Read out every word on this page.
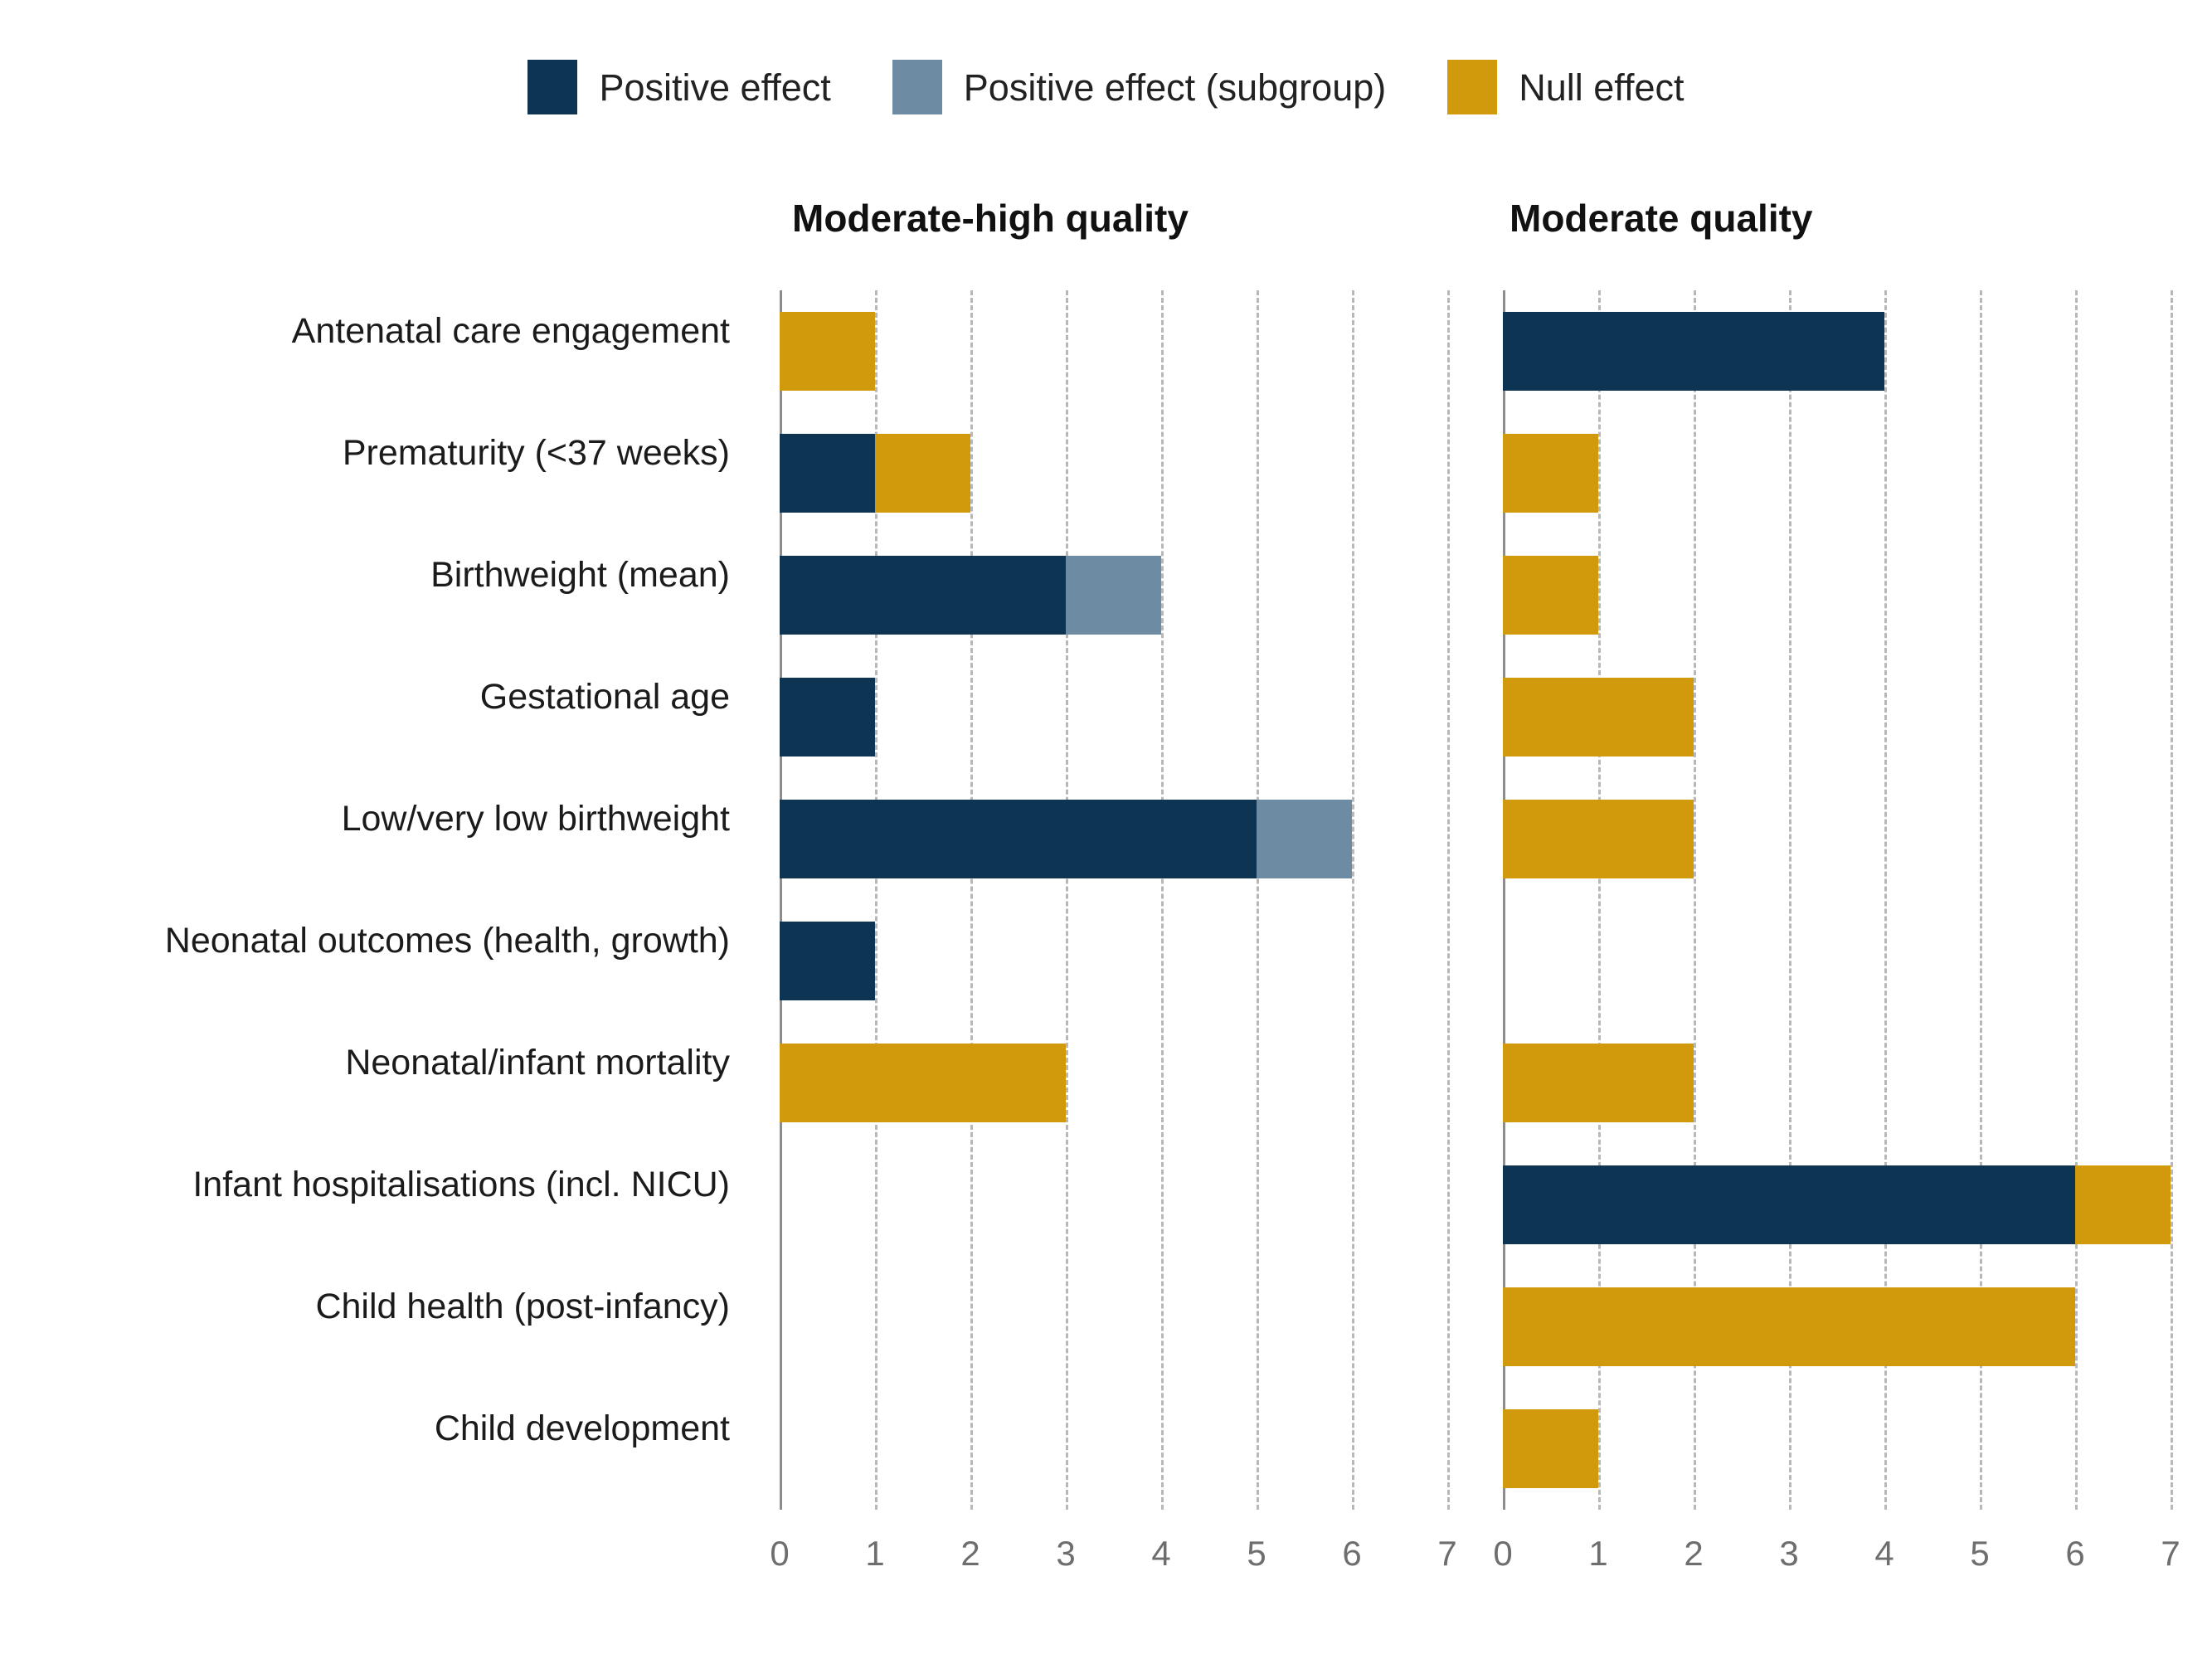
Positive effect	Positive effect (subgroup)	Null effect
Moderate-high quality	Moderate quality
Antenatal care engagement
Prematurity (<37 weeks)
Birthweight (mean)
Gestational age
Low/very low birthweight
Neonatal outcomes (health, growth)
Neonatal/infant mortality
Infant hospitalisations (incl. NICU)
Child health (post-infancy)
Child development
0	1	2	3	4	5	6	7	0	1	2	3	4	5	6	7
